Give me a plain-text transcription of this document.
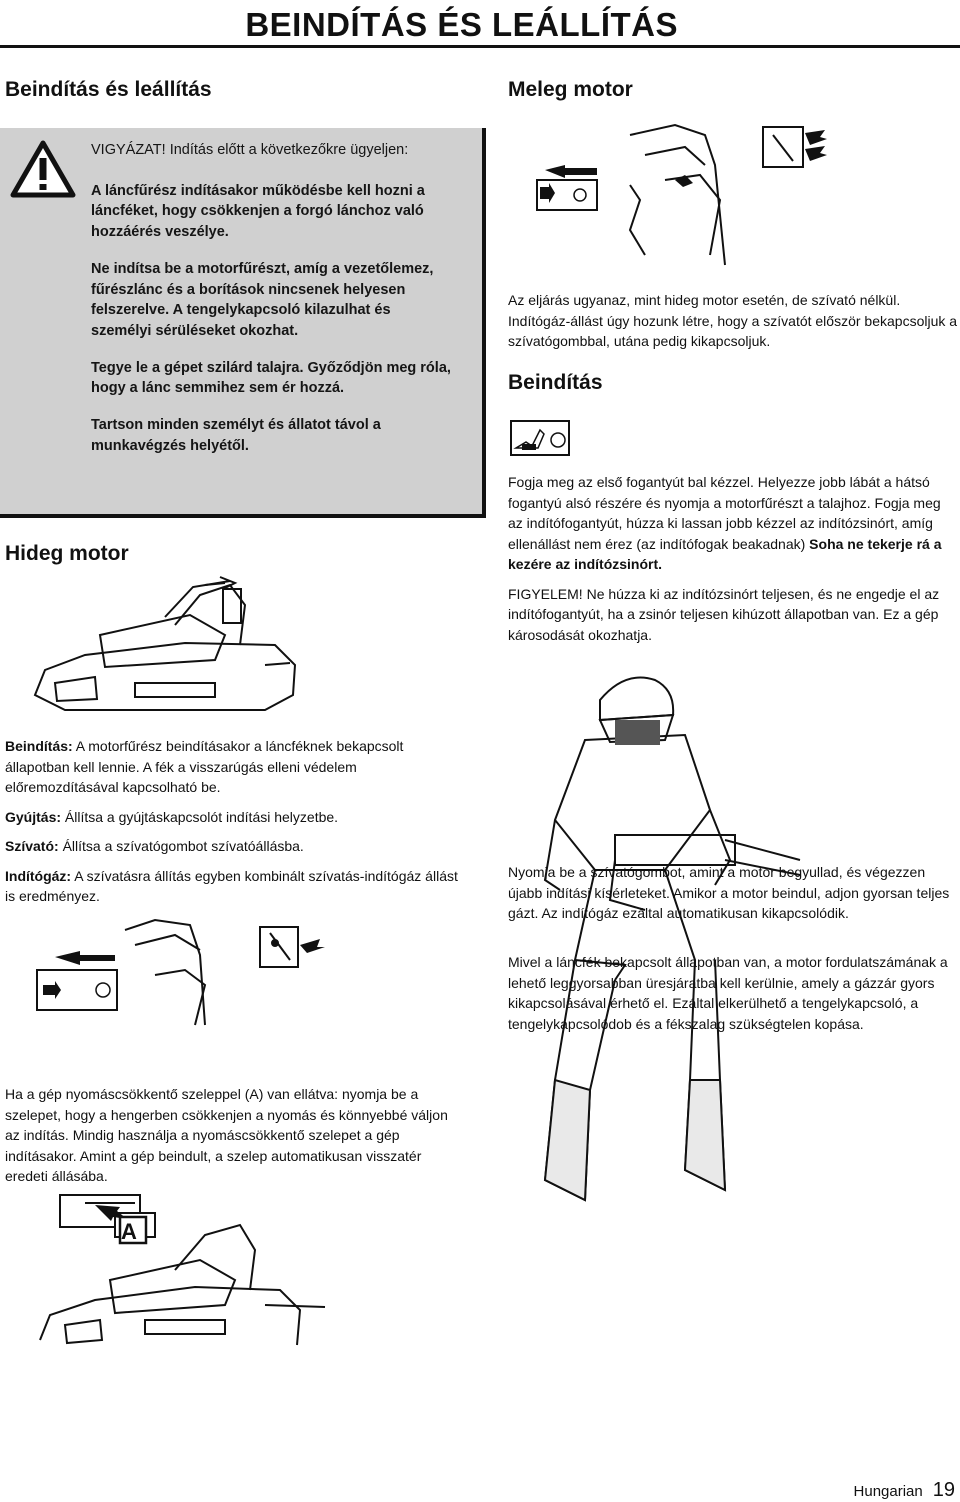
BEINDÍTÁS ÉS LEÁLLÍTÁS
Beindítás és leállítás

VIGYÁZAT! Indítás előtt a következőkre ügyeljen:

A láncfűrész indításakor működésbe kell hozni a láncféket, hogy csökkenjen a forgó lánchoz való hozzáérés veszélye.

Ne indítsa be a motorfűrészt, amíg a vezetőlemez, fűrészlánc és a borítások nincsenek helyesen felszerelve. A tengelykapcsoló kilazulhat és személyi sérüléseket okozhat.

Tegye le a gépet szilárd talajra. Győződjön meg róla, hogy a lánc semmihez sem ér hozzá.

Tartson minden személyt és állatot távol a munkavégzés helyétől.

Hideg motor

Beindítás: A motorfűrész beindításakor a láncféknek bekapcsolt állapotban kell lennie. A fék a visszarúgás elleni védelem előremozdításával kapcsolható be.

Gyújtás: Állítsa a gyújtáskapcsolót indítási helyzetbe.

Szívató: Állítsa a szívatógombot szívatóállásba.

Indítógáz: A szívatásra állítás egyben kombinált szívatás-indítógáz állást is eredményez.

Ha a gép nyomáscsökkentő szeleppel (A) van ellátva: nyomja be a szelepet, hogy a hengerben csökkenjen a nyomás és könnyebbé váljon az indítás. Mindig használja a nyomáscsökkentő szelepet a gép indításakor. Amint a gép beindult, a szelep automatikusan visszatér eredeti állásába.
A
Meleg motor
Az eljárás ugyanaz, mint hideg motor esetén, de szívató nélkül. Indítógáz-állást úgy hozunk létre, hogy a szívatót először bekapcsoljuk a szívatógombbal, utána pedig kikapcsoljuk.
Beindítás

Fogja meg az első fogantyút bal kézzel. Helyezze jobb lábát a hátsó fogantyú alsó részére és nyomja a motorfűrészt a talajhoz. Fogja meg az indítófogantyút, húzza ki lassan jobb kézzel az indítózsinórt, amíg ellenállást nem érez (az indítófogak beakadnak) Soha ne tekerje rá a kezére az indítózsinórt.

FIGYELEM! Ne húzza ki az indítózsinórt teljesen, és ne engedje el az indítófogantyút, ha a zsinór teljesen kihúzott állapotban van. Ez a gép károsodását okozhatja.

Nyomja be a szívatógombot, amint a motor begyullad, és végezzen újabb indítási kísérleteket. Amikor a motor beindul, adjon gyorsan teljes gázt. Az indítógáz ezáltal automatikusan kikapcsolódik.
Mivel a láncfék bekapcsolt állapotban van, a motor fordulatszámának a lehető leggyorsabban üresjáratba kell kerülnie, amely a gázzár gyors kikapcsolásával érhető el. Ezáltal elkerülhető a tengelykapcsoló, a tengelykapcsolódob és a fékszalag szükségtelen kopása.
Hungarian 19
